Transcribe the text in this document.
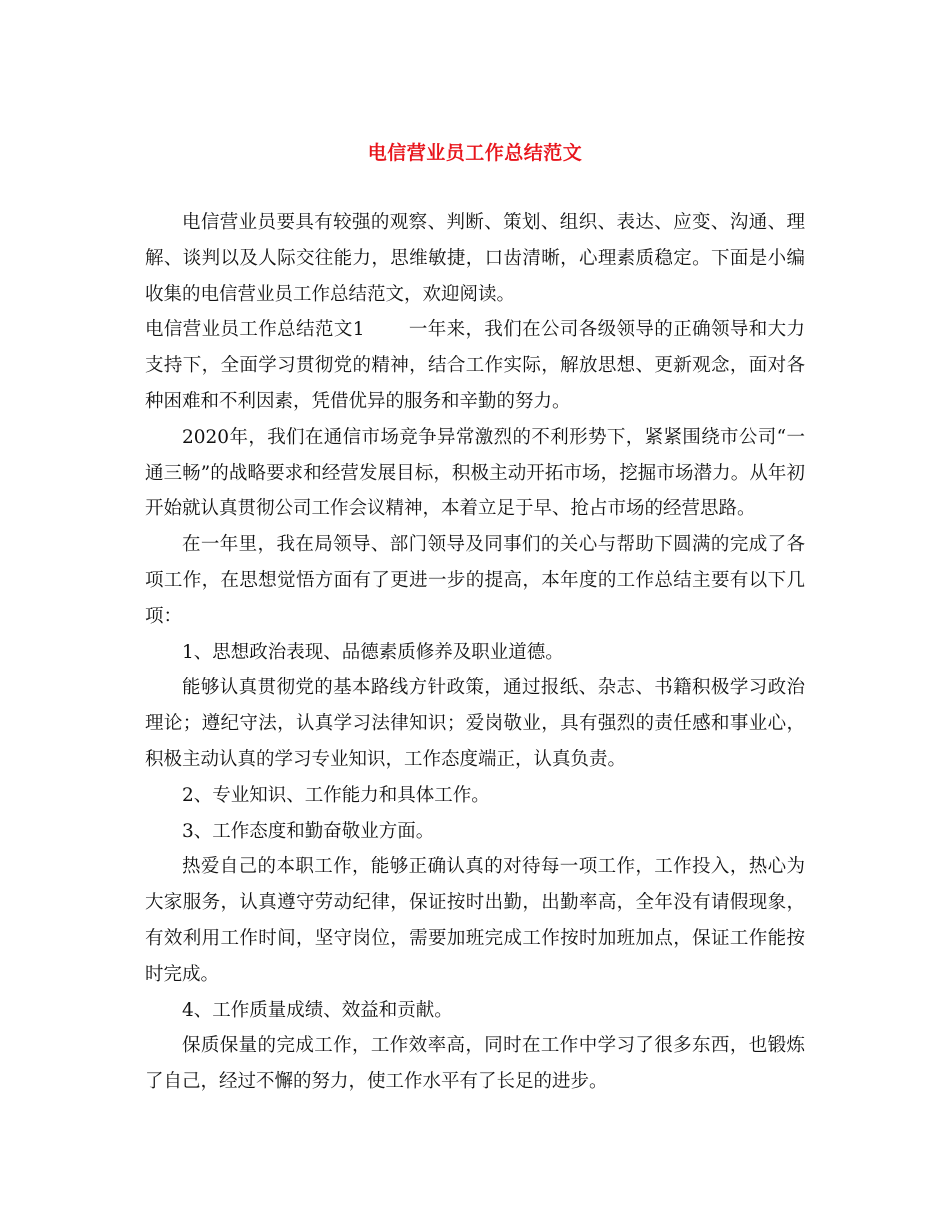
电信营业员工作总结范文

电信营业员要具有较强的观察、判断、策划、组织、表达、应变、沟通、理解、谈判以及人际交往能力，思维敏捷，口齿清晰，心理素质稳定。下面是小编收集的电信营业员工作总结范文，欢迎阅读。

电信营业员工作总结范文1 一年来，我们在公司各级领导的正确领导和大力支持下，全面学习贯彻党的精神，结合工作实际，解放思想、更新观念，面对各种困难和不利因素，凭借优异的服务和辛勤的努力。

2020年，我们在通信市场竞争异常激烈的不利形势下，紧紧围绕市公司“一通三畅”的战略要求和经营发展目标，积极主动开拓市场，挖掘市场潜力。从年初开始就认真贯彻公司工作会议精神，本着立足于早、抢占市场的经营思路。

在一年里，我在局领导、部门领导及同事们的关心与帮助下圆满的完成了各项工作，在思想觉悟方面有了更进一步的提高，本年度的工作总结主要有以下几项：

1、思想政治表现、品德素质修养及职业道德。

能够认真贯彻党的基本路线方针政策，通过报纸、杂志、书籍积极学习政治理论；遵纪守法，认真学习法律知识；爱岗敬业，具有强烈的责任感和事业心，积极主动认真的学习专业知识，工作态度端正，认真负责。

2、专业知识、工作能力和具体工作。

3、工作态度和勤奋敬业方面。

热爱自己的本职工作，能够正确认真的对待每一项工作，工作投入，热心为大家服务，认真遵守劳动纪律，保证按时出勤，出勤率高，全年没有请假现象，有效利用工作时间，坚守岗位，需要加班完成工作按时加班加点，保证工作能按时完成。

4、工作质量成绩、效益和贡献。

保质保量的完成工作，工作效率高，同时在工作中学习了很多东西，也锻炼了自己，经过不懈的努力，使工作水平有了长足的进步。
